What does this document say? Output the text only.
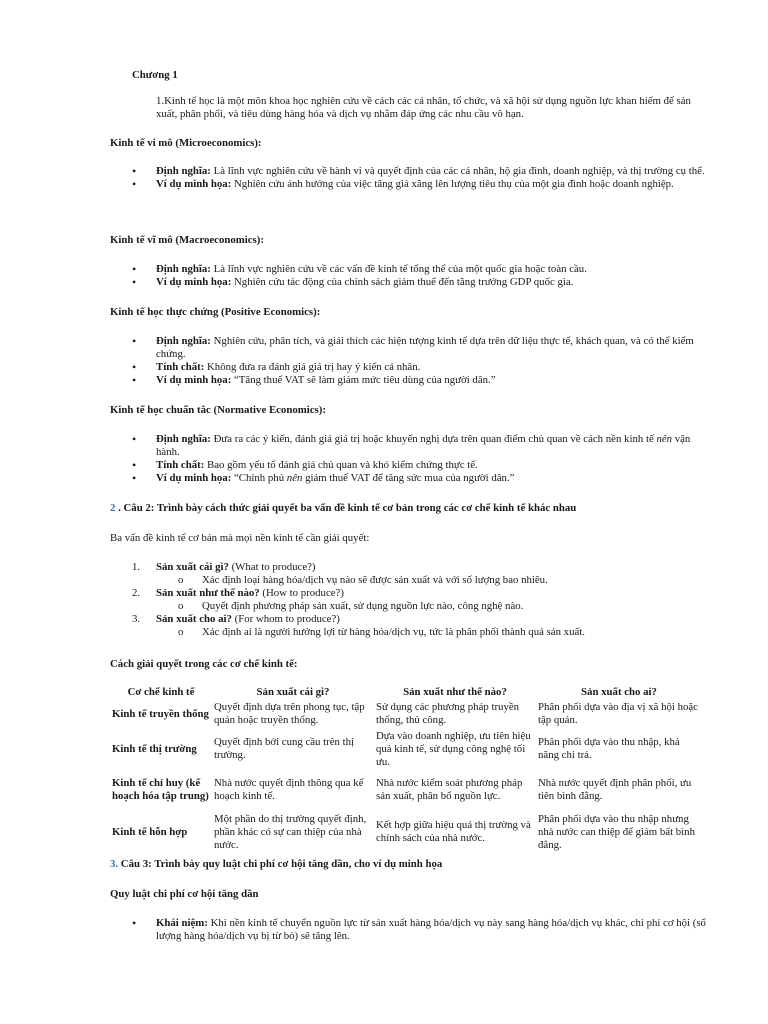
Chương 1
1.Kinh tế học là một môn khoa học nghiên cứu về cách các cá nhân, tổ chức, và xã hội sử dụng nguồn lực khan hiếm để sản xuất, phân phối, và tiêu dùng hàng hóa và dịch vụ nhằm đáp ứng các nhu cầu vô hạn.
Kinh tế vi mô (Microeconomics):
• Định nghĩa: Là lĩnh vực nghiên cứu về hành vi và quyết định của các cá nhân, hộ gia đình, doanh nghiệp, và thị trường cụ thể.
• Ví dụ minh họa: Nghiên cứu ảnh hưởng của việc tăng giá xăng lên lượng tiêu thụ của một gia đình hoặc doanh nghiệp.
Kinh tế vĩ mô (Macroeconomics):
• Định nghĩa: Là lĩnh vực nghiên cứu về các vấn đề kinh tế tổng thể của một quốc gia hoặc toàn cầu.
• Ví dụ minh họa: Nghiên cứu tác động của chính sách giảm thuế đến tăng trưởng GDP quốc gia.
Kinh tế học thực chứng (Positive Economics):
• Định nghĩa: Nghiên cứu, phân tích, và giải thích các hiện tượng kinh tế dựa trên dữ liệu thực tế, khách quan, và có thể kiểm chứng.
• Tính chất: Không đưa ra đánh giá giá trị hay ý kiến cá nhân.
• Ví dụ minh họa: “Tăng thuế VAT sẽ làm giảm mức tiêu dùng của người dân.”
Kinh tế học chuẩn tắc (Normative Economics):
• Định nghĩa: Đưa ra các ý kiến, đánh giá giá trị hoặc khuyến nghị dựa trên quan điểm chủ quan về cách nền kinh tế nên vận hành.
• Tính chất: Bao gồm yếu tố đánh giá chủ quan và khó kiểm chứng thực tế.
• Ví dụ minh họa: “Chính phủ nên giảm thuế VAT để tăng sức mua của người dân.”
2 . Câu 2: Trình bày cách thức giải quyết ba vấn đề kinh tế cơ bản trong các cơ chế kinh tế khác nhau
Ba vấn đề kinh tế cơ bản mà mọi nền kinh tế cần giải quyết:
1. Sản xuất cái gì? (What to produce?)
o Xác định loại hàng hóa/dịch vụ nào sẽ được sản xuất và với số lượng bao nhiêu.
2. Sản xuất như thế nào? (How to produce?)
o Quyết định phương pháp sản xuất, sử dụng nguồn lực nào, công nghệ nào.
3. Sản xuất cho ai? (For whom to produce?)
o Xác định ai là người hưởng lợi từ hàng hóa/dịch vụ, tức là phân phối thành quả sản xuất.
Cách giải quyết trong các cơ chế kinh tế:
Cơ chế kinh tế	Sản xuất cái gì?	Sản xuất như thế nào?	Sản xuất cho ai?
Kinh tế truyền thống	Quyết định dựa trên phong tục, tập quán hoặc truyền thống.	Sử dụng các phương pháp truyền thống, thủ công.	Phân phối dựa vào địa vị xã hội hoặc tập quán.
Kinh tế thị trường	Quyết định bởi cung cầu trên thị trường.	Dựa vào doanh nghiệp, ưu tiên hiệu quả kinh tế, sử dụng công nghệ tối ưu.	Phân phối dựa vào thu nhập, khả năng chi trả.
Kinh tế chỉ huy (kế hoạch hóa tập trung)	Nhà nước quyết định thông qua kế hoạch kinh tế.	Nhà nước kiểm soát phương pháp sản xuất, phân bổ nguồn lực.	Nhà nước quyết định phân phối, ưu tiên bình đẳng.
Kinh tế hỗn hợp	Một phần do thị trường quyết định, phần khác có sự can thiệp của nhà nước.	Kết hợp giữa hiệu quả thị trường và chính sách của nhà nước.	Phân phối dựa vào thu nhập nhưng nhà nước can thiệp để giảm bất bình đẳng.
3. Câu 3: Trình bày quy luật chi phí cơ hội tăng dần, cho ví dụ minh họa
Quy luật chi phí cơ hội tăng dần
• Khái niệm: Khi nền kinh tế chuyển nguồn lực từ sản xuất hàng hóa/dịch vụ này sang hàng hóa/dịch vụ khác, chi phí cơ hội (số lượng hàng hóa/dịch vụ bị từ bỏ) sẽ tăng lên.
